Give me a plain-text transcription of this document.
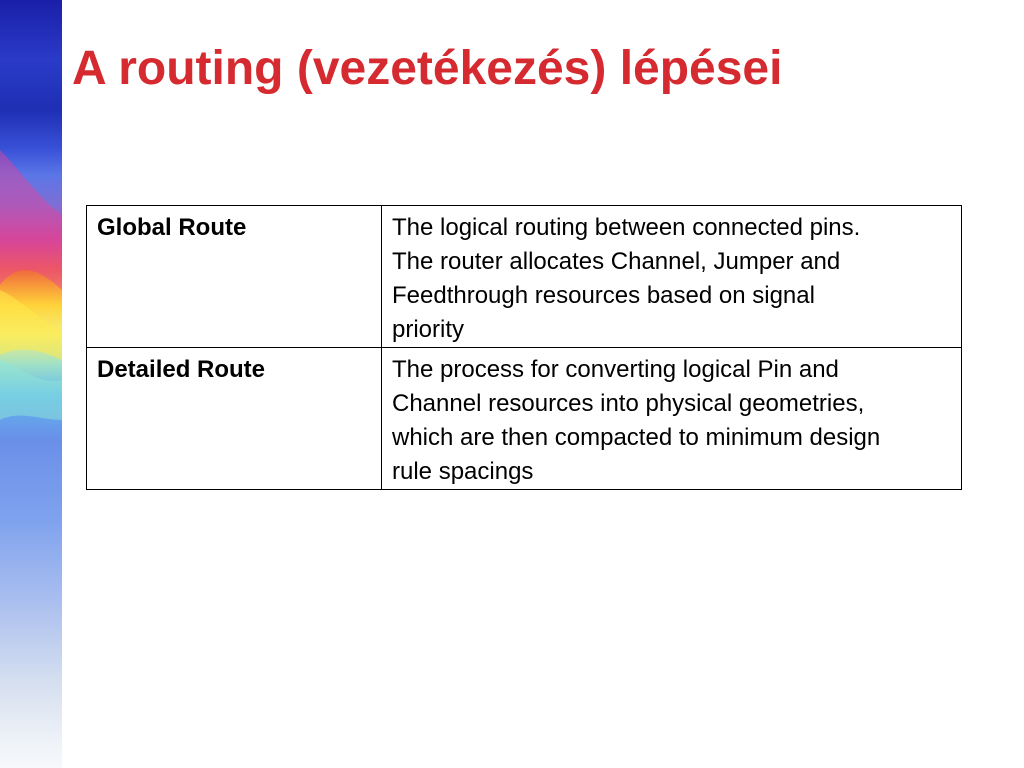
A routing (vezetékezés) lépései
Global Route	The logical routing between connected pins.
The router allocates Channel, Jumper and
Feedthrough resources based on signal
priority

Detailed Route	The process for converting logical Pin and
Channel resources into physical geometries,
which are then compacted to minimum design
rule spacings
